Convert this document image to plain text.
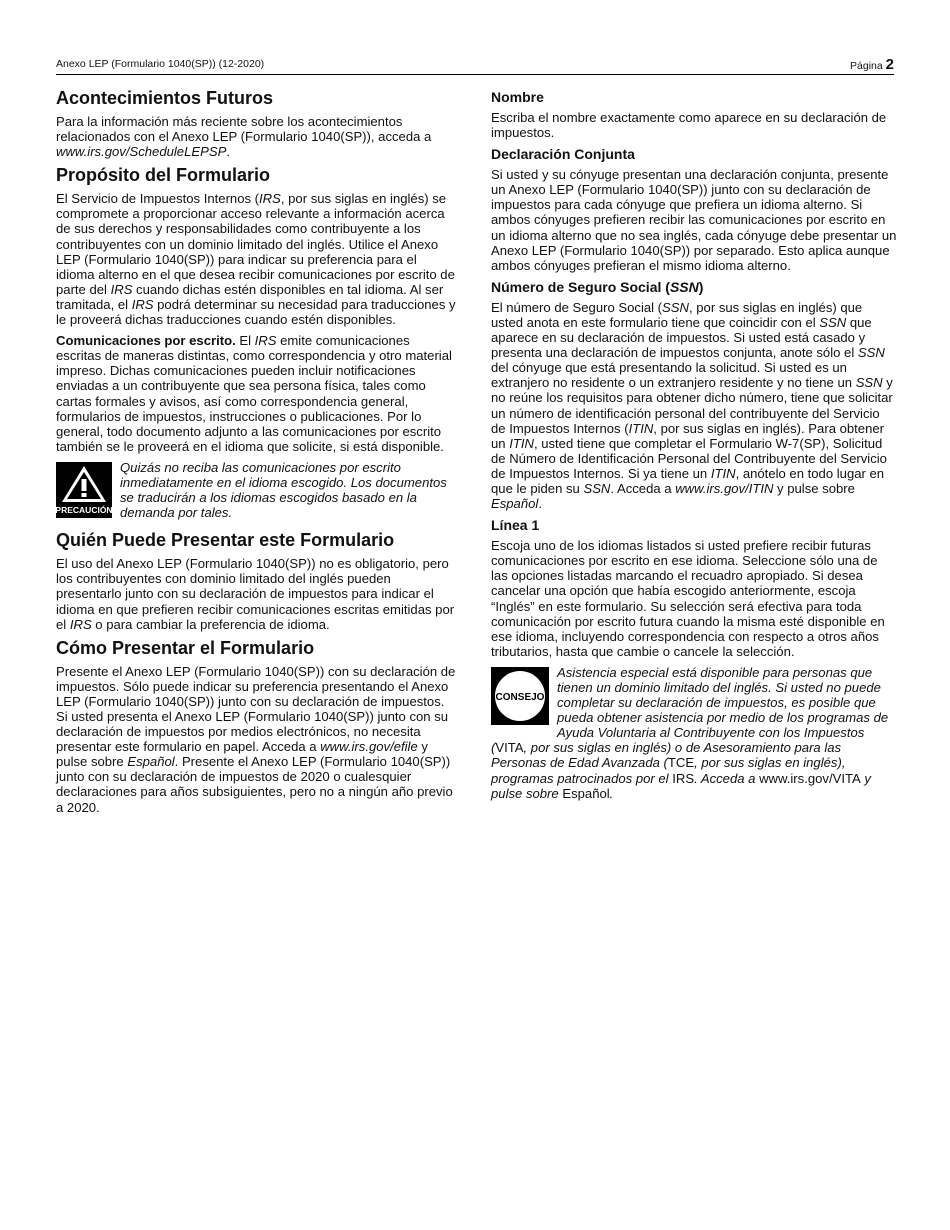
Anexo LEP (Formulario 1040(SP)) (12-2020)	Página 2
Acontecimientos Futuros

Para la información más reciente sobre los acontecimientos relacionados con el Anexo LEP (Formulario 1040(SP)), acceda a www.irs.gov/ScheduleLEPSP.

Propósito del Formulario

El Servicio de Impuestos Internos (IRS, por sus siglas en inglés) se compromete a proporcionar acceso relevante a información acerca de sus derechos y responsabilidades como contribuyente a los contribuyentes con un dominio limitado del inglés. Utilice el Anexo LEP (Formulario 1040(SP)) para indicar su preferencia para el idioma alterno en el que desea recibir comunicaciones por escrito de parte del IRS cuando dichas estén disponibles en tal idioma. Al ser tramitada, el IRS podrá determinar su necesidad para traducciones y le proveerá dichas traducciones cuando estén disponibles.

Comunicaciones por escrito. El IRS emite comunicaciones escritas de maneras distintas, como correspondencia y otro material impreso. Dichas comunicaciones pueden incluir notificaciones enviadas a un contribuyente que sea persona física, tales como cartas formales y avisos, así como correspondencia general, formularios de impuestos, instrucciones o publicaciones. Por lo general, todo documento adjunto a las comunicaciones por escrito también se le proveerá en el idioma que solicite, si está disponible.

PRECAUCIÓN

Quizás no reciba las comunicaciones por escrito inmediatamente en el idioma escogido. Los documentos se traducirán a los idiomas escogidos basado en la demanda por tales.

Quién Puede Presentar este Formulario

El uso del Anexo LEP (Formulario 1040(SP)) no es obligatorio, pero los contribuyentes con dominio limitado del inglés pueden presentarlo junto con su declaración de impuestos para indicar el idioma en que prefieren recibir comunicaciones escritas emitidas por el IRS o para cambiar la preferencia de idioma.

Cómo Presentar el Formulario

Presente el Anexo LEP (Formulario 1040(SP)) con su declaración de impuestos. Sólo puede indicar su preferencia presentando el Anexo LEP (Formulario 1040(SP)) junto con su declaración de impuestos. Si usted presenta el Anexo LEP (Formulario 1040(SP)) junto con su declaración de impuestos por medios electrónicos, no necesita presentar este formulario en papel. Acceda a www.irs.gov/efile y pulse sobre Español. Presente el Anexo LEP (Formulario 1040(SP)) junto con su declaración de impuestos de 2020 o cualesquier declaraciones para años subsiguientes, pero no a ningún año previo a 2020.

Nombre

Escriba el nombre exactamente como aparece en su declaración de impuestos.

Declaración Conjunta

Si usted y su cónyuge presentan una declaración conjunta, presente un Anexo LEP (Formulario 1040(SP)) junto con su declaración de impuestos para cada cónyuge que prefiera un idioma alterno. Si ambos cónyuges prefieren recibir las comunicaciones por escrito en un idioma alterno que no sea inglés, cada cónyuge debe presentar un Anexo LEP (Formulario 1040(SP)) por separado. Esto aplica aunque ambos cónyuges prefieran el mismo idioma alterno.

Número de Seguro Social (SSN)

El número de Seguro Social (SSN, por sus siglas en inglés) que usted anota en este formulario tiene que coincidir con el SSN que aparece en su declaración de impuestos. Si usted está casado y presenta una declaración de impuestos conjunta, anote sólo el SSN del cónyuge que está presentando la solicitud. Si usted es un extranjero no residente o un extranjero residente y no tiene un SSN y no reúne los requisitos para obtener dicho número, tiene que solicitar un número de identificación personal del contribuyente del Servicio de Impuestos Internos (ITIN, por sus siglas en inglés). Para obtener un ITIN, usted tiene que completar el Formulario W-7(SP), Solicitud de Número de Identificación Personal del Contribuyente del Servicio de Impuestos Internos. Si ya tiene un ITIN, anótelo en todo lugar en que le piden su SSN. Acceda a www.irs.gov/ITIN y pulse sobre Español.

Línea 1

Escoja uno de los idiomas listados si usted prefiere recibir futuras comunicaciones por escrito en ese idioma. Seleccione sólo una de las opciones listadas marcando el recuadro apropiado. Si desea cancelar una opción que había escogido anteriormente, escoja “Inglés” en este formulario. Su selección será efectiva para toda comunicación por escrito futura cuando la misma esté disponible en ese idioma, incluyendo correspondencia con respecto a otros años tributarios, hasta que cambie o cancele la selección.

CONSEJO

Asistencia especial está disponible para personas que tienen un dominio limitado del inglés. Si usted no puede completar su declaración de impuestos, es posible que pueda obtener asistencia por medio de los programas de Ayuda Voluntaria al Contribuyente con los Impuestos (VITA, por sus siglas en inglés) o de Asesoramiento para las Personas de Edad Avanzada (TCE, por sus siglas en inglés), programas patrocinados por el IRS. Acceda a www.irs.gov/VITA y pulse sobre Español.
